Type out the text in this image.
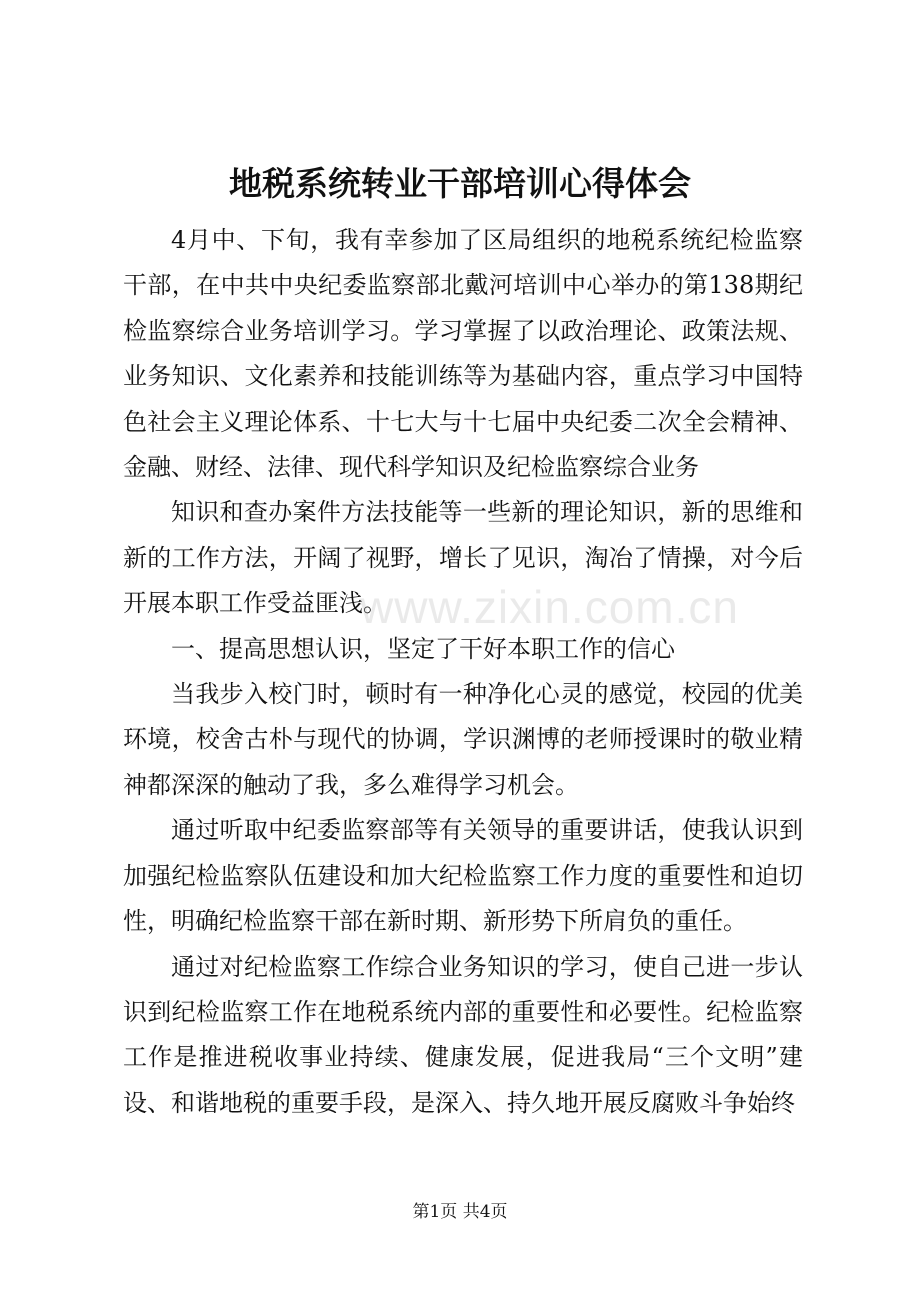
地税系统转业干部培训心得体会

4月中、下旬，我有幸参加了区局组织的地税系统纪检监察干部，在中共中央纪委监察部北戴河培训中心举办的第138期纪检监察综合业务培训学习。学习掌握了以政治理论、政策法规、业务知识、文化素养和技能训练等为基础内容，重点学习中国特色社会主义理论体系、十七大与十七届中央纪委二次全会精神、金融、财经、法律、现代科学知识及纪检监察综合业务

知识和查办案件方法技能等一些新的理论知识，新的思维和新的工作方法，开阔了视野，增长了见识，淘冶了情操，对今后开展本职工作受益匪浅。

一、提高思想认识，坚定了干好本职工作的信心

当我步入校门时，顿时有一种净化心灵的感觉，校园的优美环境，校舍古朴与现代的协调，学识渊博的老师授课时的敬业精神都深深的触动了我，多么难得学习机会。

通过听取中纪委监察部等有关领导的重要讲话，使我认识到加强纪检监察队伍建设和加大纪检监察工作力度的重要性和迫切性，明确纪检监察干部在新时期、新形势下所肩负的重任。

通过对纪检监察工作综合业务知识的学习，使自己进一步认识到纪检监察工作在地税系统内部的重要性和必要性。纪检监察工作是推进税收事业持续、健康发展，促进我局“三个文明”建设、和谐地税的重要手段，是深入、持久地开展反腐败斗争始终

www.zixin.com.cn
第1页 共4页
